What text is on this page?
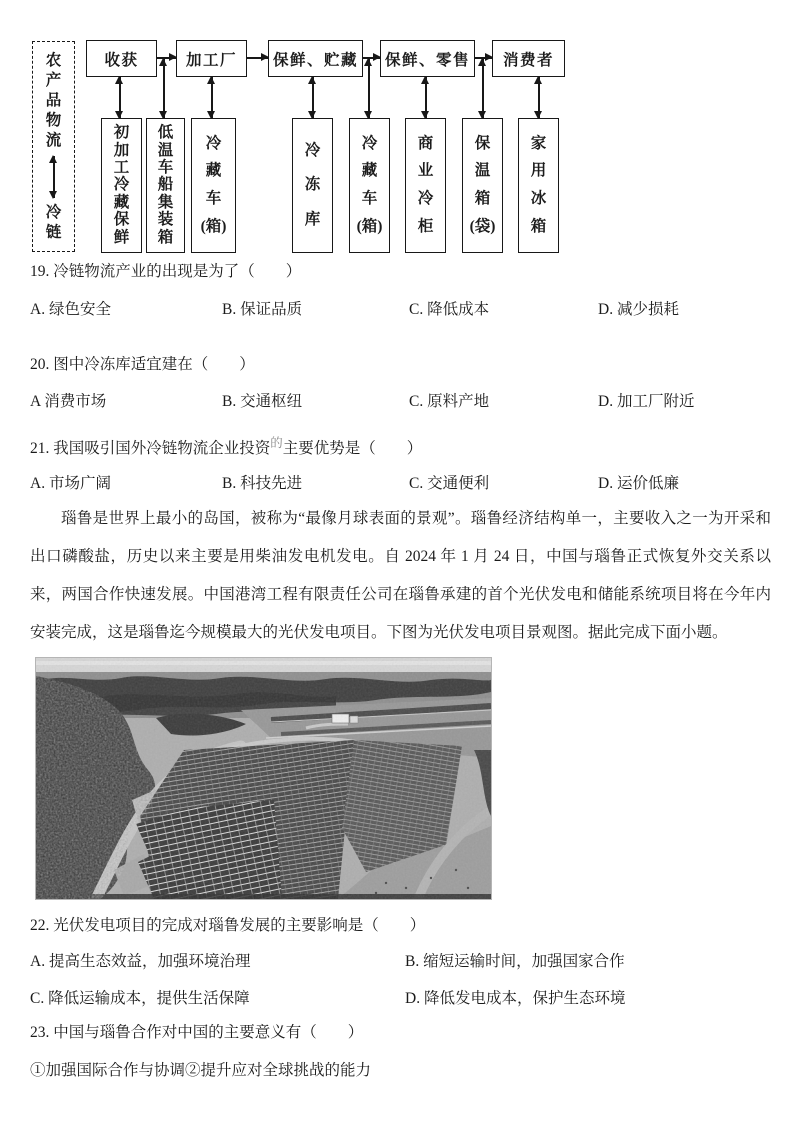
农
产
品
物
流
冷
链
收获	加工厂 保鲜、贮藏 保鲜、零售 消费者
初
加
工
冷
藏
保
鲜
低
温
车
船
集
装
箱
冷
藏
车
(箱)
冷
冻
库
冷
藏
车
(箱)
商
业
冷
柜
保
温
箱
(袋)
家
用
冰
箱
19. 冷链物流产业的出现是为了（　　）
A. 绿色安全	B. 保证品质	C. 降低成本	D. 减少损耗
20. 图中冷冻库适宜建在（　　）
A 消费市场	B. 交通枢纽	C. 原料产地	D. 加工厂附近
21. 我国吸引国外冷链物流企业投资$^的$主要优势是（　　）
A. 市场广阔	B. 科技先进	C. 交通便利	D. 运价低廉
瑙鲁是世界上最小的岛国，被称为“最像月球表面的景观”。瑙鲁经济结构单一，主要收入之一为开采和出口磷酸盐，历史以来主要是用柴油发电机发电。自 2024 年 1 月 24 日，中国与瑙鲁正式恢复外交关系以来，两国合作快速发展。中国港湾工程有限责任公司在瑙鲁承建的首个光伏发电和储能系统项目将在今年内安装完成，这是瑙鲁迄今规模最大的光伏发电项目。下图为光伏发电项目景观图。据此完成下面小题。
22. 光伏发电项目的完成对瑙鲁发展的主要影响是（　　）
A. 提高生态效益，加强环境治理	B. 缩短运输时间，加强国家合作
C. 降低运输成本，提供生活保障	D. 降低发电成本，保护生态环境
23. 中国与瑙鲁合作对中国的主要意义有（　　）
①加强国际合作与协调②提升应对全球挑战的能力
